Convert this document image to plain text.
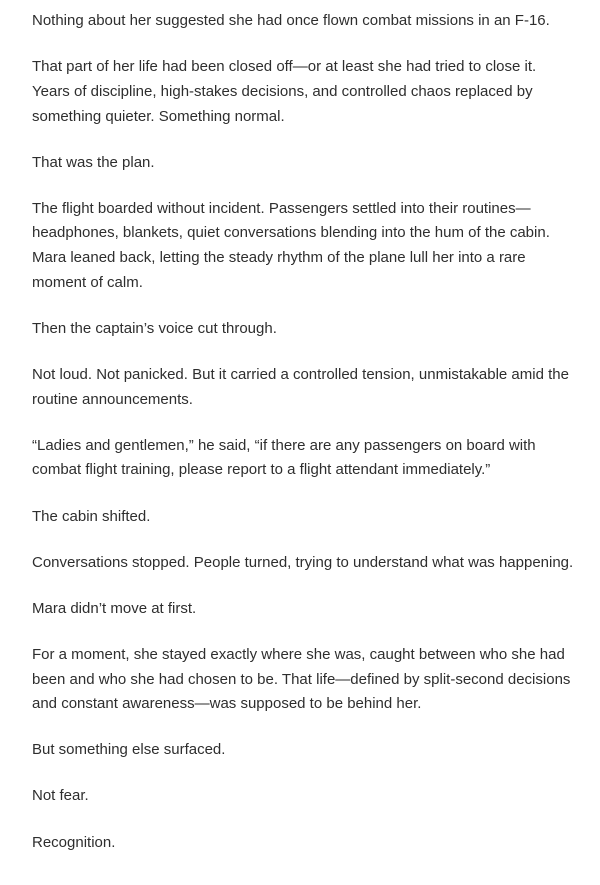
Nothing about her suggested she had once flown combat missions in an F-16.

That part of her life had been closed off—or at least she had tried to close it. Years of discipline, high-stakes decisions, and controlled chaos replaced by something quieter. Something normal.

That was the plan.

The flight boarded without incident. Passengers settled into their routines—headphones, blankets, quiet conversations blending into the hum of the cabin. Mara leaned back, letting the steady rhythm of the plane lull her into a rare moment of calm.

Then the captain’s voice cut through.

Not loud. Not panicked. But it carried a controlled tension, unmistakable amid the routine announcements.

“Ladies and gentlemen,” he said, “if there are any passengers on board with combat flight training, please report to a flight attendant immediately.”

The cabin shifted.

Conversations stopped. People turned, trying to understand what was happening.

Mara didn’t move at first.

For a moment, she stayed exactly where she was, caught between who she had been and who she had chosen to be. That life—defined by split-second decisions and constant awareness—was supposed to be behind her.

But something else surfaced.

Not fear.

Recognition.
